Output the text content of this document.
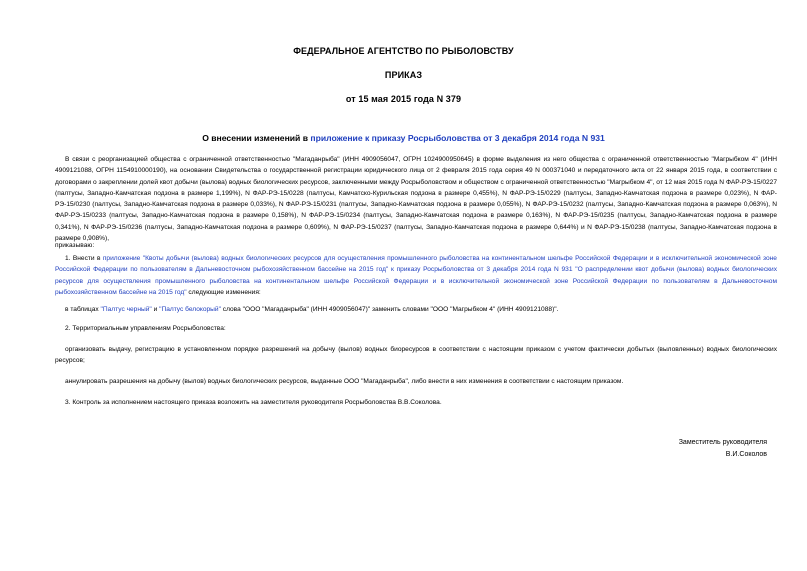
ФЕДЕРАЛЬНОЕ АГЕНТСТВО ПО РЫБОЛОВСТВУ
ПРИКАЗ
от 15 мая 2015 года N 379
О внесении изменений в приложение к приказу Росрыболовства от 3 декабря 2014 года N 931
В связи с реорганизацией общества с ограниченной ответственностью "Магаданрыба" (ИНН 4909056047, ОГРН 1024900950645) в форме выделения из него общества с ограниченной ответственностью "Магрыбком 4" (ИНН 4909121088, ОГРН 1154910000190), на основании Свидетельства о государственной регистрации юридического лица от 2 февраля 2015 года серия 49 N 000371040 и передаточного акта от 22 января 2015 года, в соответствии с договорами о закреплении долей квот добычи (вылова) водных биологических ресурсов, заключенными между Росрыболовством и обществом с ограниченной ответственностью "Магрыбком 4", от 12 мая 2015 года N ФАР-РЭ-15/0227 (палтусы, Западно-Камчатская подзона в размере 1,199%), N ФАР-РЭ-15/0228 (палтусы, Камчатско-Курильская подзона в размере 0,455%), N ФАР-РЭ-15/0229 (палтусы, Западно-Камчатская подзона в размере 0,023%), N ФАР-РЭ-15/0230 (палтусы, Западно-Камчатская подзона в размере 0,033%), N ФАР-РЭ-15/0231 (палтусы, Западно-Камчатская подзона в размере 0,055%), N ФАР-РЭ-15/0232 (палтусы, Западно-Камчатская подзона в размере 0,063%), N ФАР-РЭ-15/0233 (палтусы, Западно-Камчатская подзона в размере 0,158%), N ФАР-РЭ-15/0234 (палтусы, Западно-Камчатская подзона в размере 0,163%), N ФАР-РЭ-15/0235 (палтусы, Западно-Камчатская подзона в размере 0,341%), N ФАР-РЭ-15/0236 (палтусы, Западно-Камчатская подзона в размере 0,609%), N ФАР-РЭ-15/0237 (палтусы, Западно-Камчатская подзона в размере 0,644%) и N ФАР-РЭ-15/0238 (палтусы, Западно-Камчатская подзона в размере 0,908%),
приказываю:
1. Внести в приложение "Квоты добычи (вылова) водных биологических ресурсов для осуществления промышленного рыболовства на континентальном шельфе Российской Федерации и в исключительной экономической зоне Российской Федерации по пользователям в Дальневосточном рыбохозяйственном бассейне на 2015 год" к приказу Росрыболовства от 3 декабря 2014 года N 931 "О распределении квот добычи (вылова) водных биологических ресурсов для осуществления промышленного рыболовства на континентальном шельфе Российской Федерации и в исключительной экономической зоне Российской Федерации по пользователям в Дальневосточном рыбохозяйственном бассейне на 2015 год" следующие изменения:
в таблицах "Палтус черный" и "Палтус белокорый" слова "ООО "Магаданрыба" (ИНН 4909056047)" заменить словами "ООО "Магрыбком 4" (ИНН 4909121088)".
2. Территориальным управлениям Росрыболовства:
организовать выдачу, регистрацию в установленном порядке разрешений на добычу (вылов) водных биоресурсов в соответствии с настоящим приказом с учетом фактически добытых (выловленных) водных биологических ресурсов;
аннулировать разрешения на добычу (вылов) водных биологических ресурсов, выданные ООО "Магаданрыба", либо внести в них изменения в соответствии с настоящим приказом.
3. Контроль за исполнением настоящего приказа возложить на заместителя руководителя Росрыболовства В.В.Соколова.
Заместитель руководителя
В.И.Соколов
